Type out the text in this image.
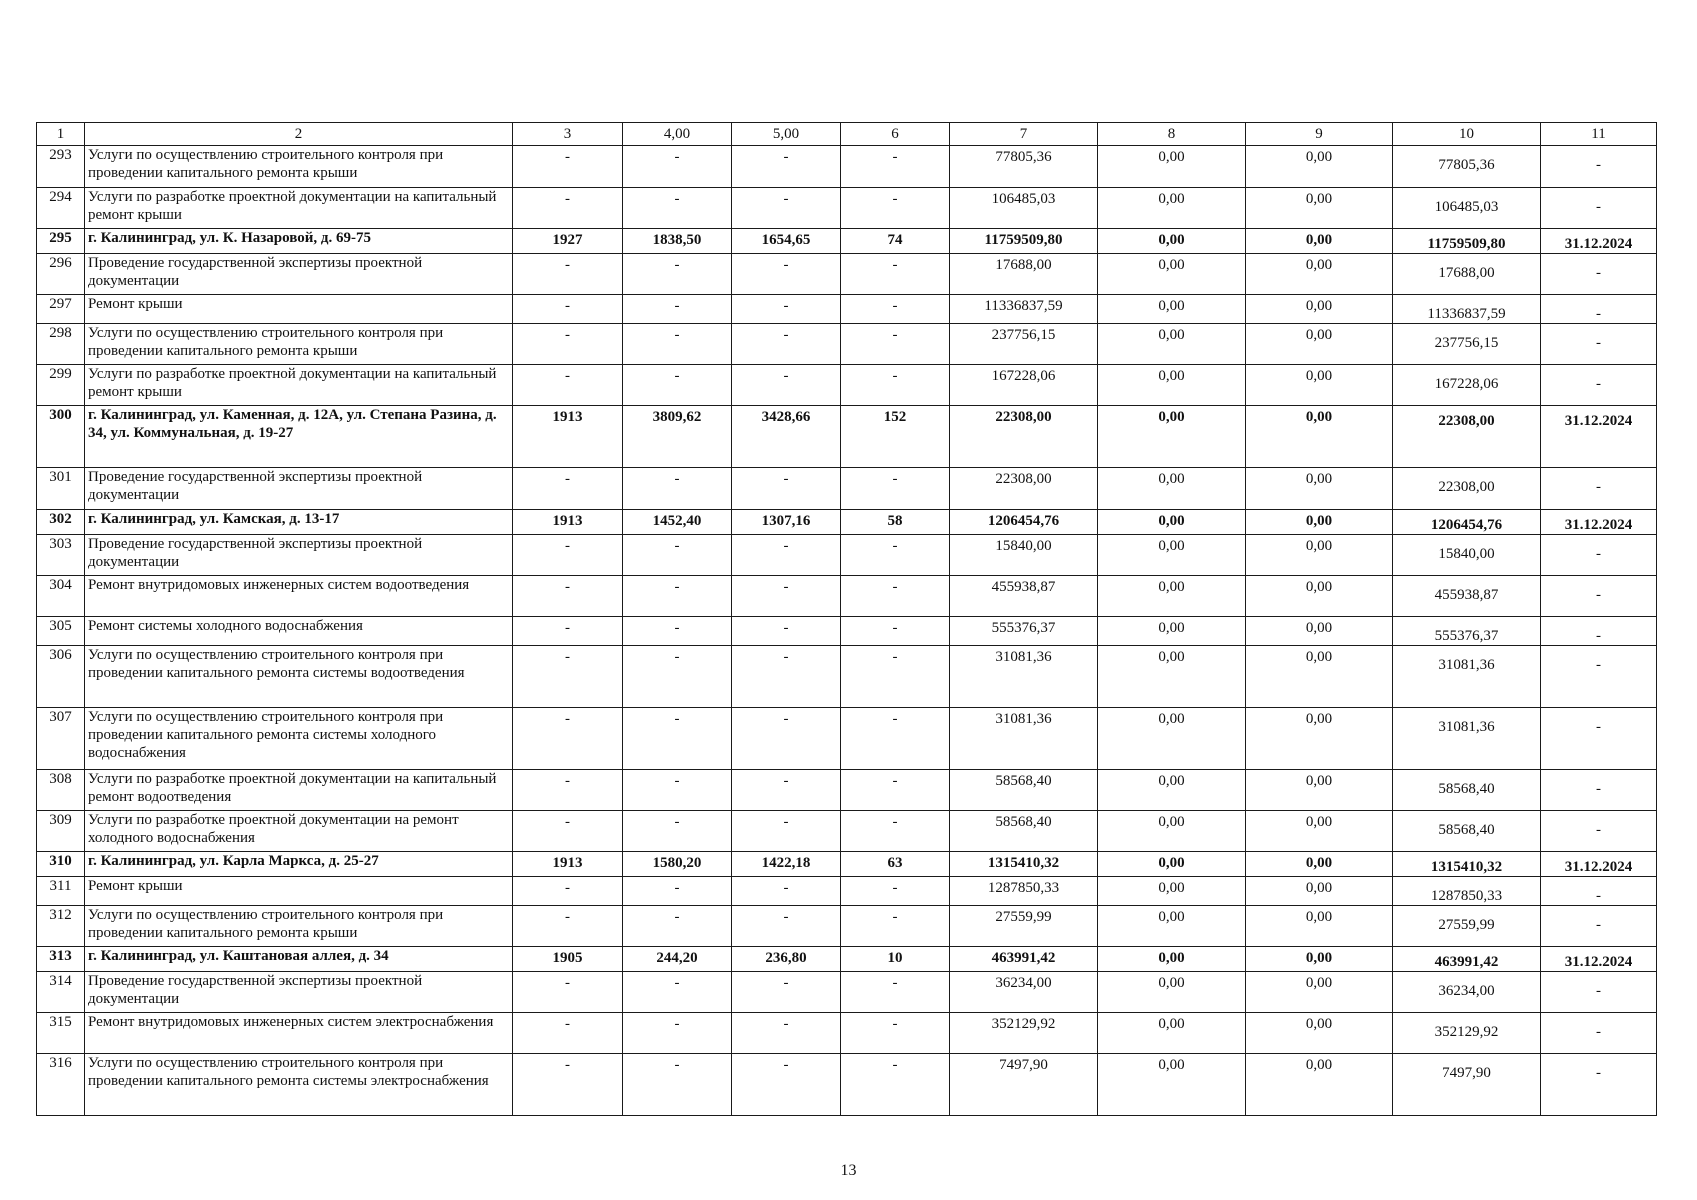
1	2	3	4,00	5,00	6	7	8	9	10	11
293	Услуги по осуществлению строительного контроля при проведении капитального ремонта крыши	-	-	-	-	77805,36	0,00	0,00	77805,36	-
294	Услуги по разработке проектной документации на капитальный ремонт крыши	-	-	-	-	106485,03	0,00	0,00	106485,03	-
295	г. Калининград, ул. К. Назаровой, д. 69-75	1927	1838,50	1654,65	74	11759509,80	0,00	0,00	11759509,80	31.12.2024
296	Проведение государственной экспертизы проектной документации	-	-	-	-	17688,00	0,00	0,00	17688,00	-
297	Ремонт крыши	-	-	-	-	11336837,59	0,00	0,00	11336837,59	-
298	Услуги по осуществлению строительного контроля при проведении капитального ремонта крыши	-	-	-	-	237756,15	0,00	0,00	237756,15	-
299	Услуги по разработке проектной документации на капитальный ремонт крыши	-	-	-	-	167228,06	0,00	0,00	167228,06	-
300	г. Калининград, ул. Каменная, д. 12А, ул. Степана Разина, д. 34, ул. Коммунальная, д. 19-27	1913	3809,62	3428,66	152	22308,00	0,00	0,00	22308,00	31.12.2024
301	Проведение государственной экспертизы проектной документации	-	-	-	-	22308,00	0,00	0,00	22308,00	-
302	г. Калининград, ул. Камская, д. 13-17	1913	1452,40	1307,16	58	1206454,76	0,00	0,00	1206454,76	31.12.2024
303	Проведение государственной экспертизы проектной документации	-	-	-	-	15840,00	0,00	0,00	15840,00	-
304	Ремонт внутридомовых инженерных систем водоотведения	-	-	-	-	455938,87	0,00	0,00	455938,87	-
305	Ремонт системы холодного водоснабжения	-	-	-	-	555376,37	0,00	0,00	555376,37	-
306	Услуги по осуществлению строительного контроля при проведении капитального ремонта системы водоотведения	-	-	-	-	31081,36	0,00	0,00	31081,36	-
307	Услуги по осуществлению строительного контроля при проведении капитального ремонта системы холодного водоснабжения	-	-	-	-	31081,36	0,00	0,00	31081,36	-
308	Услуги по разработке проектной документации на капитальный ремонт водоотведения	-	-	-	-	58568,40	0,00	0,00	58568,40	-
309	Услуги по разработке проектной документации на ремонт холодного водоснабжения	-	-	-	-	58568,40	0,00	0,00	58568,40	-
310	г. Калининград, ул. Карла Маркса, д. 25-27	1913	1580,20	1422,18	63	1315410,32	0,00	0,00	1315410,32	31.12.2024
311	Ремонт крыши	-	-	-	-	1287850,33	0,00	0,00	1287850,33	-
312	Услуги по осуществлению строительного контроля при проведении капитального ремонта крыши	-	-	-	-	27559,99	0,00	0,00	27559,99	-
313	г. Калининград, ул. Каштановая аллея, д. 34	1905	244,20	236,80	10	463991,42	0,00	0,00	463991,42	31.12.2024
314	Проведение государственной экспертизы проектной документации	-	-	-	-	36234,00	0,00	0,00	36234,00	-
315	Ремонт внутридомовых инженерных систем электроснабжения	-	-	-	-	352129,92	0,00	0,00	352129,92	-
316	Услуги по осуществлению строительного контроля при проведении капитального ремонта системы электроснабжения	-	-	-	-	7497,90	0,00	0,00	7497,90	-
13
